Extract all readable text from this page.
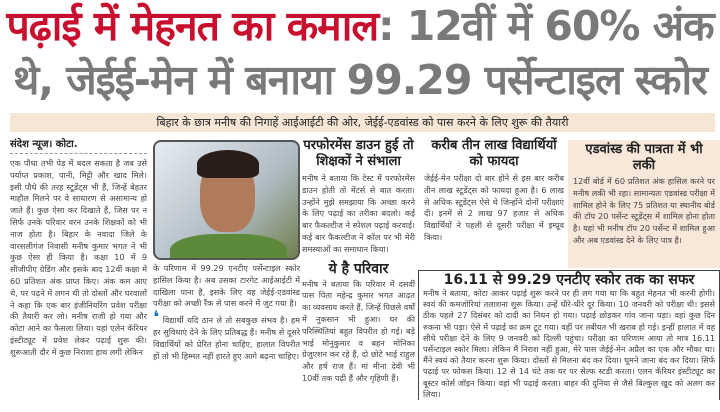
पढ़ाई में मेहनत का कमाल: 12वीं में 60% अंक
थे, जेईई-मेन में बनाया 99.29 पर्सेन्टाइल स्कोर
बिहार के छात्र मनीष की निगाहें आईआईटी की ओर, जेईई-एडवांस्ड को पास करने के लिए शुरू की तैयारी
संदेश न्यूज। कोटा.
एक पौधा तभी पेड़ में बदल सकता है जब उसे पर्याप्त प्रकाश, पानी, मिट्टी और खाद मिले। इसी पौधे की तरह स्टूडेंट्स भी हैं, जिन्हें बेहतर माहौल मिलने पर वे साधारण से असामान्य हो जाते हैं। कुछ ऐसा कर दिखाते हैं, जिस पर न सिर्फ उनके परिवार वरन उनके शिक्षकों को भी नाज होता है। बिहार के नवादा जिले के वारसलीगंज निवासी मनीष कुमार भगत ने भी कुछ ऐसा ही किया है। कक्षा 10 में 9 सीजीपीए ग्रेडिंग और इसके बाद 12वीं कक्षा में 60 प्रतिशत अंक प्राप्त किए। अंक कम आए थे, पर पढ़ने में लगन थी तो दोस्तों और घरवालों ने कहा कि एक बार इंजीनियरिंग प्रवेश परीक्षा की तैयारी कर लो। मनीष राजी हो गया और कोटा आने का फैसला लिया। यहां एलेन कॅरियर इंस्टीट्यूट में प्रवेश लेकर पढ़ाई शुरू की। शुरूआती दौर में कुछ निराशा हाथ लगी लेकिन
के परिणाम में 99.29 एनटीए पर्सेन्टाइल स्कोर हासिल किया है। अब उसका टारगेट आईआईटी में दाखिला पाना है, इसके लिए वह जेईई-एडवांस्ड परीक्षा को अच्छी रैंक से पास करने में जुट गया है।
❛ विद्यार्थी यदि ठान ले तो सबकुछ संभव है। हम हर सुविधाएं देने के लिए प्रतिबद्ध हैं। मनीष से दूसरे विद्यार्थियों को प्रेरित होना चाहिए, हालात विपरीत हों तो भी हिम्मत नहीं हारते हुए आगे बढ़ना चाहिए।
परफोरमेंस डाउन हुई तो शिक्षकों ने संभाला
मनीष ने बताया कि टेस्ट में परफोरमेंस डाउन होती तो मेंटर्स से बात करता। उन्होंने मुझे समझाया कि अच्छा करने के लिए पढ़ाई का तरीका बदलो। कई बार फैकल्टीज ने स्पेशल पढ़ाई करवाई। कई बार फैकल्टीज ने कॉल पर भी मेरी समस्याओं का समाधान किया।
ये है परिवार
मनीष ने बताया कि परिवार में दसवीं पास पिता महेन्द्र कुमार भगत आढ़त का व्यवसाय करते हैं, जिन्हें पिछले वर्षों में नुकसान भी हुआ। घर की परिस्थितियां बहुत विपरीत हो गई। बड़े भाई मोनुकुमार व बहन मोनिका ग्रेजुएशन कर रहे हैं, दो छोटे भाई राहुल और हर्ष राज हैं। मां मीना देवी भी 10वीं तक पढ़ी हैं और गृहिणी हैं।
करीब तीन लाख विद्यार्थियों को फायदा
जेईई-मेन परीक्षा दो बार होने से इस बार करीब तीन लाख स्टूडेंट्स को फायदा हुआ है। 6 लाख से अधिक स्टूडेंट्स ऐसे थे जिन्होंने दोनों परीक्षाएं दी। इनमें से 2 लाख 97 हजार से अधिक विद्यार्थियों ने पहली से दूसरी परीक्षा में इम्प्रूव किया।
एडवांस्ड की पात्रता में भी लकी
12वीं बोर्ड में 60 प्रतिशत अंक हासिल करने पर मनीष लकी भी रहा। सामान्यतः एडवांस्ड परीक्षा में शामिल होने के लिए 75 प्रतिशत या स्थानीय बोर्ड की टॉप 20 पर्सेन्ट स्टूडेंट्स में शामिल होना होता है। यहां भी मनीष टॉप 20 पर्सेन्ट में शामिल हुआ और अब एडवांस्ड देने के लिए पात्र है।
16.11 से 99.29 एनटीए स्कोर तक का सफर
मनीष ने बताया, कोटा आकर पढ़ाई शुरू करने पर ही लग गया था कि बहुत मेहनत भी करनी होगी। स्वयं की कमजोरियां तलाशना शुरू किया। उन्हें धीरे-धीरे दूर किया। 10 जनवरी को परीक्षा थी। इससे ठीक पहले 27 दिसंबर को दादी का निधन हो गया। पढ़ाई छोड़कर गांव जाना पड़ा। वहां कुछ दिन रुकना भी पड़ा। ऐसे में पढ़ाई का क्रम टूट गया। वहीं पर तबीयत भी खराब हो गई। इन्हीं हालात में वह सीधे परीक्षा देने के लिए 9 जनवरी को दिल्ली पहुंचा। परीक्षा का परिणाम आया तो मात्र 16.11 पर्सेन्टाइल स्कोर मिला। लेकिन मैं निराश नहीं हुआ, मेरे पास जेईई-मेन अप्रैल का एक और मौका था। मैंने स्वयं को तैयार करना शुरू किया। दोस्तों से मिलना बंद कर दिया। घूमने जाना बंद कर दिया। सिर्फ पढ़ाई पर फोकस किया। 12 से 14 घंटे तक घर पर सेल्फ स्टडी करता। एलन कॅरियर इंस्टीट्यूट का बूस्टर कोर्स जॉइन किया। वहां भी पढ़ाई करता। बाहर की दुनिया से जैसे बिल्कुल खुद को अलग कर लिया।
